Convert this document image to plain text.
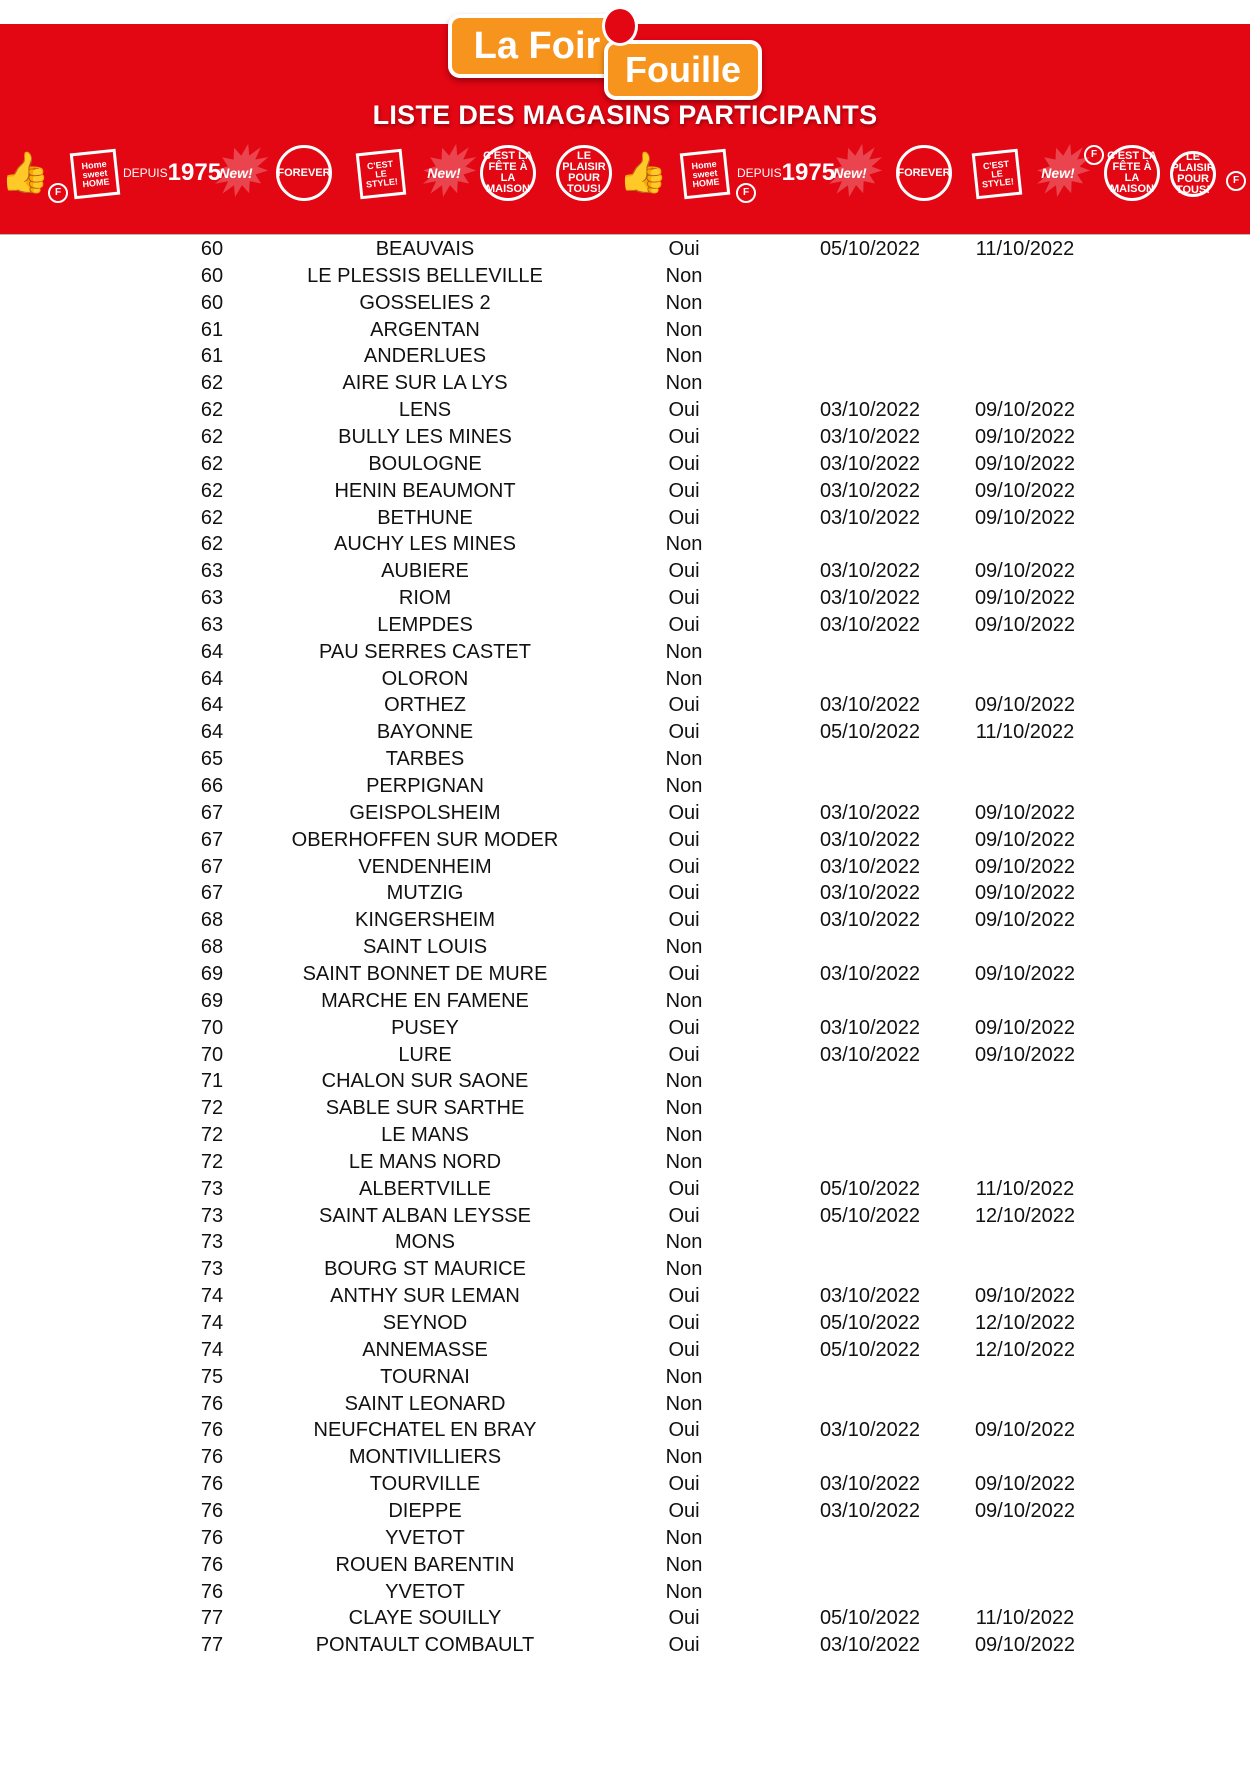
La Foir
Fouille
LISTE DES MAGASINS PARTICIPANTS
👍 F
Home sweet HOME
DEPUIS 1975
✹ New!	FOREVER
C'EST LE STYLE!
✹ New!
C'EST LA FÊTE À LA MAISON
LE PLAISIR POUR TOUS! 👍	Home sweet HOME
F
DEPUIS 1975
✹ New!	FOREVER
C'EST LE STYLE!
✹ New!
F C'EST LA FÊTE À LA MAISON
LE PLAISIR POUR TOUS!
F
60	BEAUVAIS	Oui	05/10/2022	11/10/2022
60	LE PLESSIS BELLEVILLE	Non
60	GOSSELIES 2	Non
61	ARGENTAN	Non
61	ANDERLUES	Non
62	AIRE SUR LA LYS	Non
62	LENS	Oui	03/10/2022	09/10/2022
62	BULLY LES MINES	Oui	03/10/2022	09/10/2022
62	BOULOGNE	Oui	03/10/2022	09/10/2022
62	HENIN BEAUMONT	Oui	03/10/2022	09/10/2022
62	BETHUNE	Oui	03/10/2022	09/10/2022
62	AUCHY LES MINES	Non
63	AUBIERE	Oui	03/10/2022	09/10/2022
63	RIOM	Oui	03/10/2022	09/10/2022
63	LEMPDES	Oui	03/10/2022	09/10/2022
64	PAU SERRES CASTET	Non
64	OLORON	Non
64	ORTHEZ	Oui	03/10/2022	09/10/2022
64	BAYONNE	Oui	05/10/2022	11/10/2022
65	TARBES	Non
66	PERPIGNAN	Non
67	GEISPOLSHEIM	Oui	03/10/2022	09/10/2022
67	OBERHOFFEN SUR MODER	Oui	03/10/2022	09/10/2022
67	VENDENHEIM	Oui	03/10/2022	09/10/2022
67	MUTZIG	Oui	03/10/2022	09/10/2022
68	KINGERSHEIM	Oui	03/10/2022	09/10/2022
68	SAINT LOUIS	Non
69	SAINT BONNET DE MURE	Oui	03/10/2022	09/10/2022
69	MARCHE EN FAMENE	Non
70	PUSEY	Oui	03/10/2022	09/10/2022
70	LURE	Oui	03/10/2022	09/10/2022
71	CHALON SUR SAONE	Non
72	SABLE SUR SARTHE	Non
72	LE MANS	Non
72	LE MANS NORD	Non
73	ALBERTVILLE	Oui	05/10/2022	11/10/2022
73	SAINT ALBAN LEYSSE	Oui	05/10/2022	12/10/2022
73	MONS	Non
73	BOURG ST MAURICE	Non
74	ANTHY SUR LEMAN	Oui	03/10/2022	09/10/2022
74	SEYNOD	Oui	05/10/2022	12/10/2022
74	ANNEMASSE	Oui	05/10/2022	12/10/2022
75	TOURNAI	Non
76	SAINT LEONARD	Non
76	NEUFCHATEL EN BRAY	Oui	03/10/2022	09/10/2022
76	MONTIVILLIERS	Non
76	TOURVILLE	Oui	03/10/2022	09/10/2022
76	DIEPPE	Oui	03/10/2022	09/10/2022
76	YVETOT	Non
76	ROUEN BARENTIN	Non
76	YVETOT	Non
77	CLAYE SOUILLY	Oui	05/10/2022	11/10/2022
77	PONTAULT COMBAULT	Oui	03/10/2022	09/10/2022
